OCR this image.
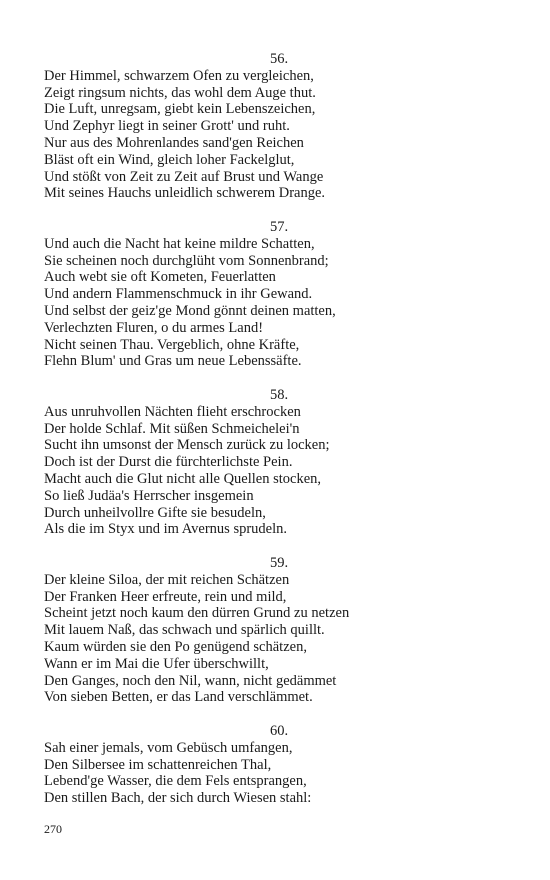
56.
Der Himmel, schwarzem Ofen zu vergleichen,
Zeigt ringsum nichts, das wohl dem Auge thut.
Die Luft, unregsam, giebt kein Lebenszeichen,
Und Zephyr liegt in seiner Grott' und ruht.
Nur aus des Mohrenlandes sand'gen Reichen
Bläst oft ein Wind, gleich loher Fackelglut,
Und stößt von Zeit zu Zeit auf Brust und Wange
Mit seines Hauchs unleidlich schwerem Drange.
57.
Und auch die Nacht hat keine mildre Schatten,
Sie scheinen noch durchglüht vom Sonnenbrand;
Auch webt sie oft Kometen, Feuerlatten
Und andern Flammenschmuck in ihr Gewand.
Und selbst der geiz'ge Mond gönnt deinen matten,
Verlechzten Fluren, o du armes Land!
Nicht seinen Thau. Vergeblich, ohne Kräfte,
Flehn Blum' und Gras um neue Lebenssäfte.
58.
Aus unruhvollen Nächten flieht erschrocken
Der holde Schlaf. Mit süßen Schmeichelei'n
Sucht ihn umsonst der Mensch zurück zu locken;
Doch ist der Durst die fürchterlichste Pein.
Macht auch die Glut nicht alle Quellen stocken,
So ließ Judäa's Herrscher insgemein
Durch unheilvollre Gifte sie besudeln,
Als die im Styx und im Avernus sprudeln.
59.
Der kleine Siloa, der mit reichen Schätzen
Der Franken Heer erfreute, rein und mild,
Scheint jetzt noch kaum den dürren Grund zu netzen
Mit lauem Naß, das schwach und spärlich quillt.
Kaum würden sie den Po genügend schätzen,
Wann er im Mai die Ufer überschwillt,
Den Ganges, noch den Nil, wann, nicht gedämmet
Von sieben Betten, er das Land verschlämmet.
60.
Sah einer jemals, vom Gebüsch umfangen,
Den Silbersee im schattenreichen Thal,
Lebend'ge Wasser, die dem Fels entsprangen,
Den stillen Bach, der sich durch Wiesen stahl:
270
